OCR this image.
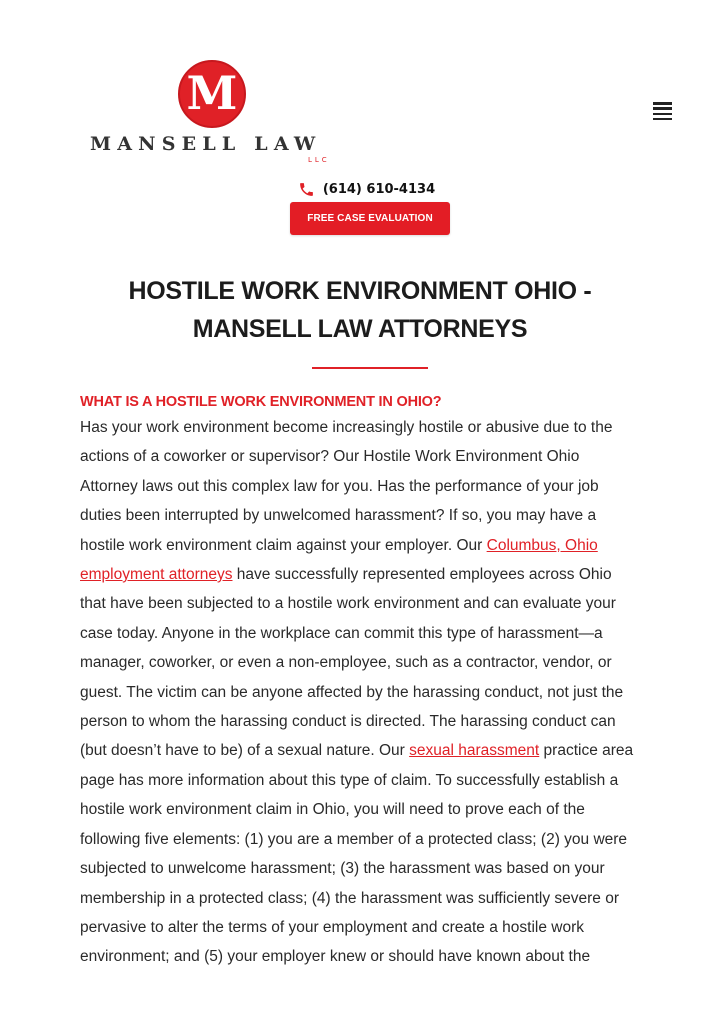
M
MANSELL LAW
LLC
(614) 610-4134
FREE CASE EVALUATION
HOSTILE WORK ENVIRONMENT OHIO -
MANSELL LAW ATTORNEYS
WHAT IS A HOSTILE WORK ENVIRONMENT IN OHIO?

Has your work environment become increasingly hostile or abusive due to the
actions of a coworker or supervisor? Our Hostile Work Environment Ohio
Attorney laws out this complex law for you. Has the performance of your job
duties been interrupted by unwelcomed harassment? If so, you may have a
hostile work environment claim against your employer. Our Columbus, Ohio
employment attorneys have successfully represented employees across Ohio
that have been subjected to a hostile work environment and can evaluate your
case today. Anyone in the workplace can commit this type of harassment—a
manager, coworker, or even a non-employee, such as a contractor, vendor, or
guest. The victim can be anyone affected by the harassing conduct, not just the
person to whom the harassing conduct is directed. The harassing conduct can
(but doesn’t have to be) of a sexual nature. Our sexual harassment practice area
page has more information about this type of claim. To successfully establish a
hostile work environment claim in Ohio, you will need to prove each of the
following five elements: (1) you are a member of a protected class; (2) you were
subjected to unwelcome harassment; (3) the harassment was based on your
membership in a protected class; (4) the harassment was sufficiently severe or
pervasive to alter the terms of your employment and create a hostile work
environment; and (5) your employer knew or should have known about the
